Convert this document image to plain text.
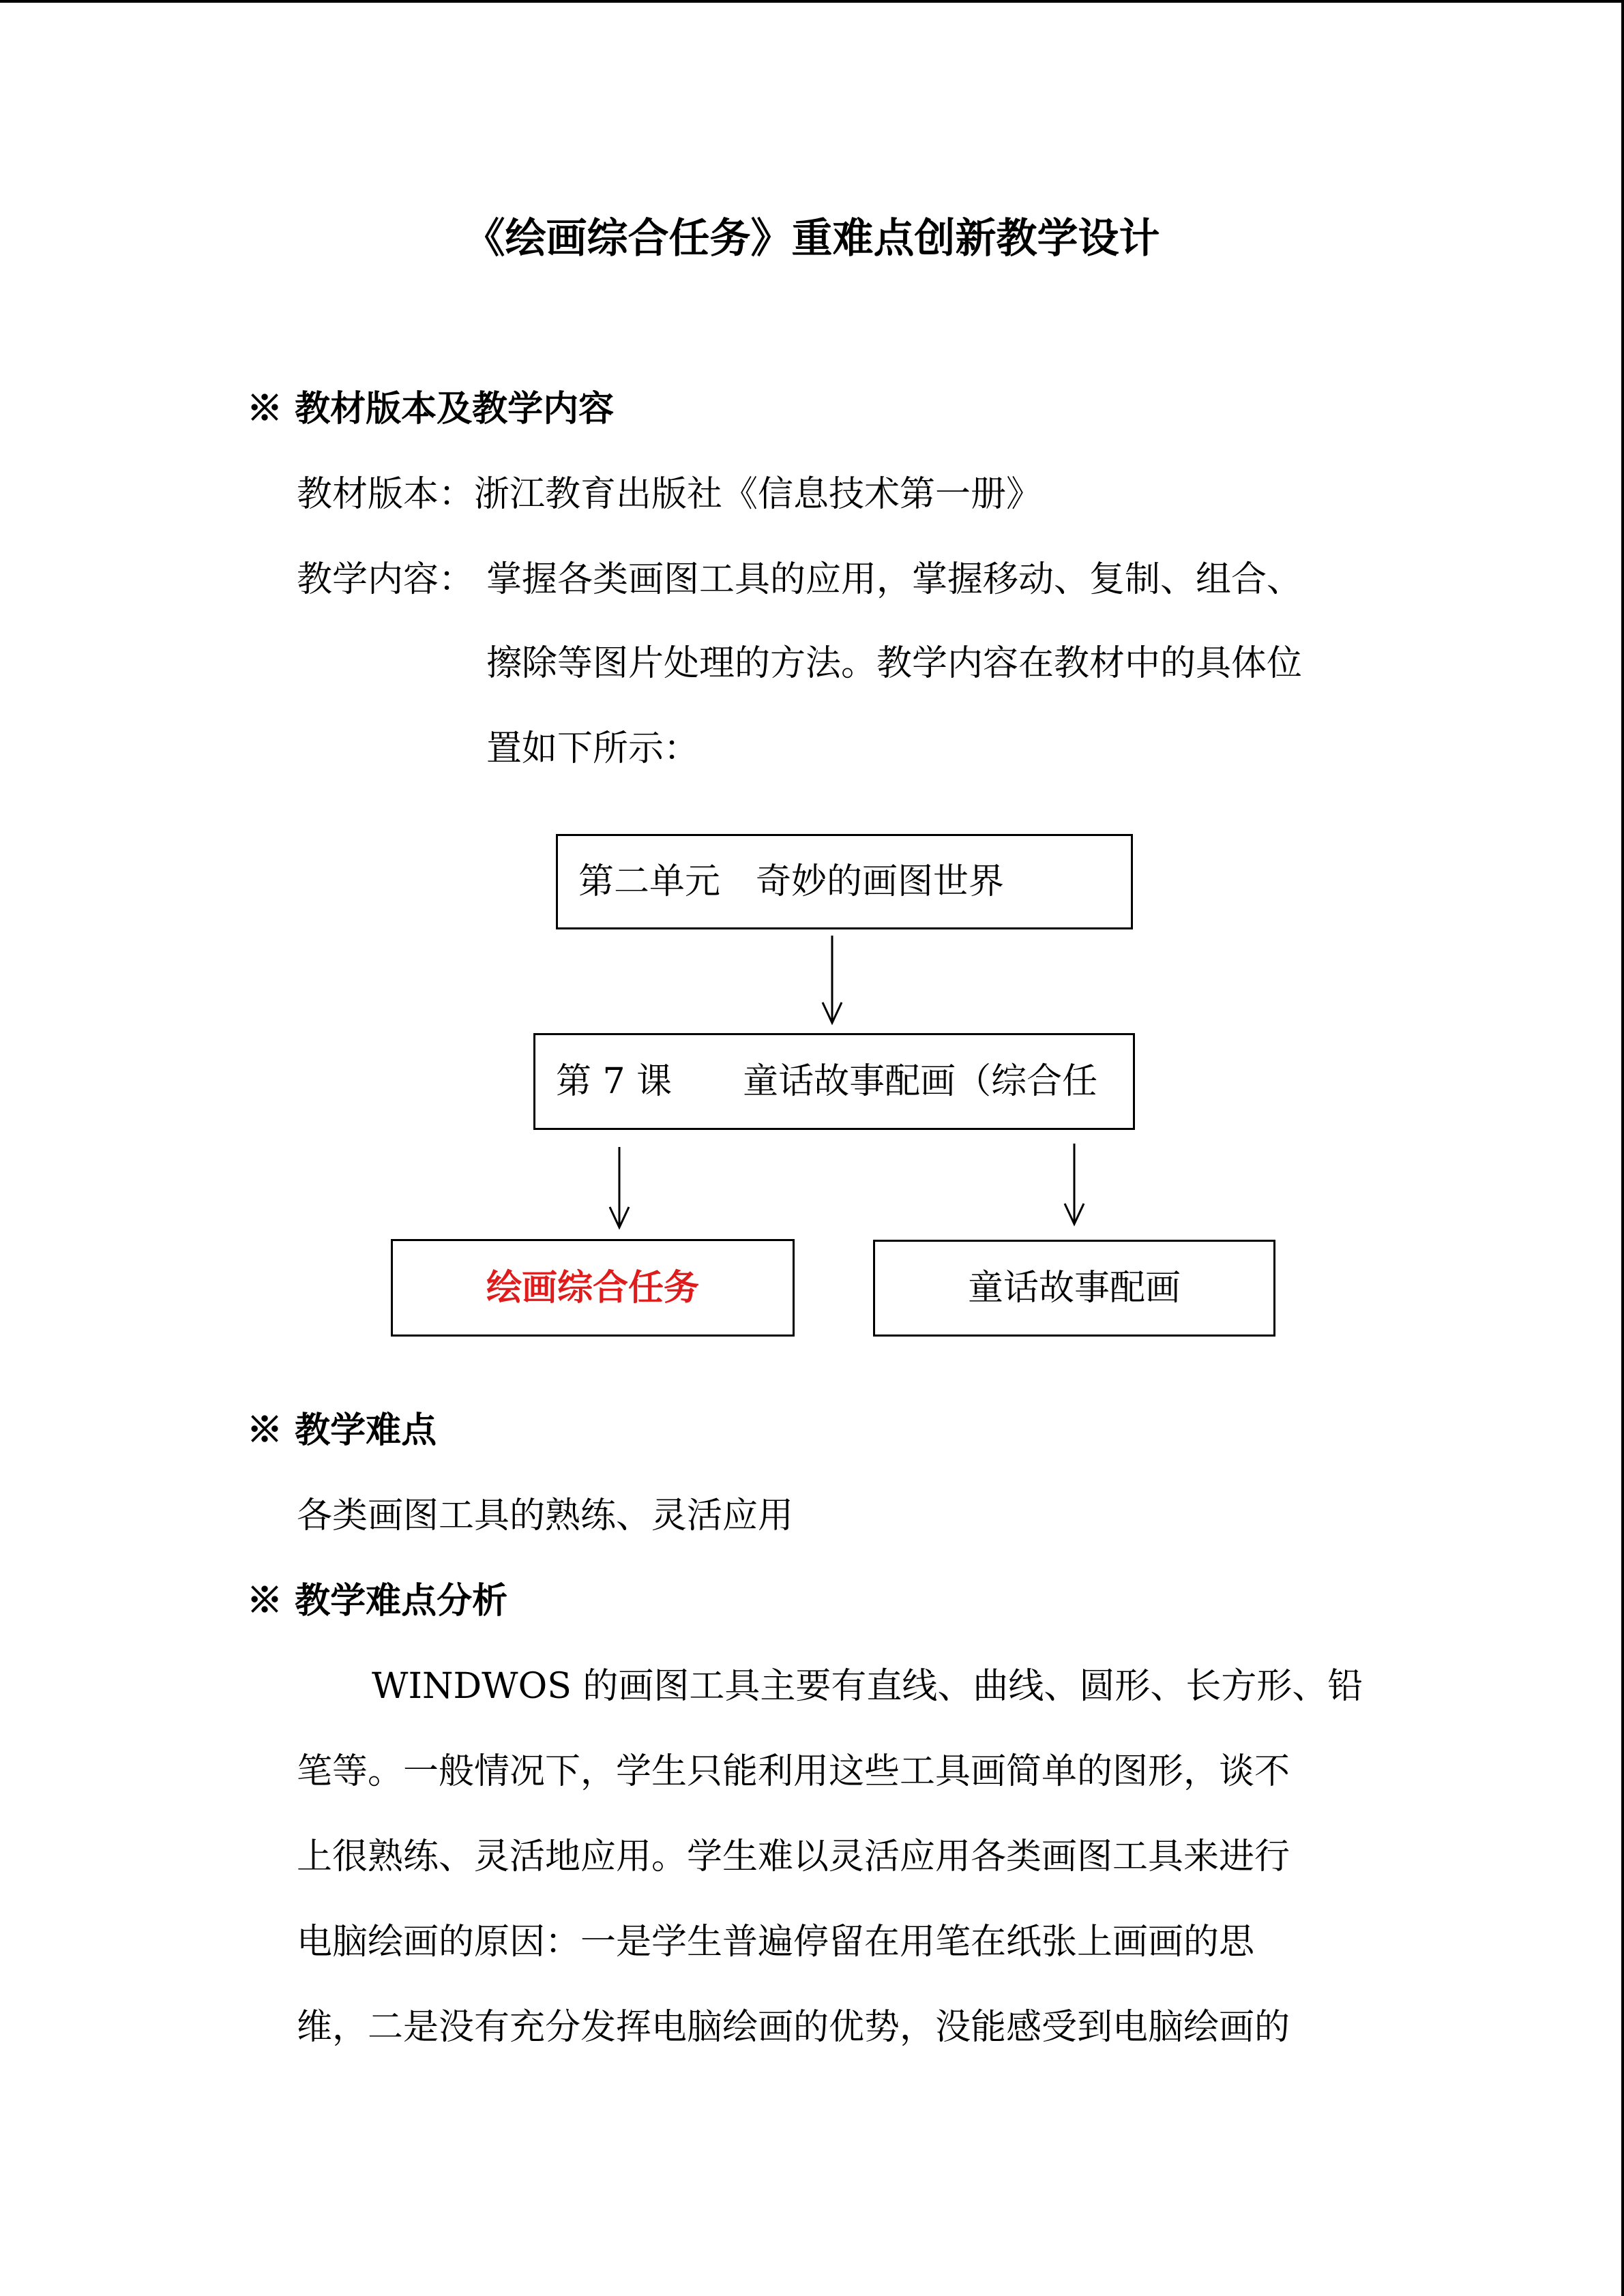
《绘画综合任务》重难点创新教学设计
※ 教材版本及教学内容
教材版本：浙江教育出版社《信息技术第一册》
教学内容： 掌握各类画图工具的应用，掌握移动、复制、组合、
擦除等图片处理的方法。教学内容在教材中的具体位
置如下所示：
第二单元　奇妙的画图世界
第 7 课　　童话故事配画（综合任
绘画综合任务	童话故事配画
※ 教学难点
各类画图工具的熟练、灵活应用
※ 教学难点分析
WINDWOS 的画图工具主要有直线、曲线、圆形、长方形、铅
笔等。一般情况下，学生只能利用这些工具画简单的图形，谈不
上很熟练、灵活地应用。学生难以灵活应用各类画图工具来进行
电脑绘画的原因：一是学生普遍停留在用笔在纸张上画画的思
维，二是没有充分发挥电脑绘画的优势，没能感受到电脑绘画的
